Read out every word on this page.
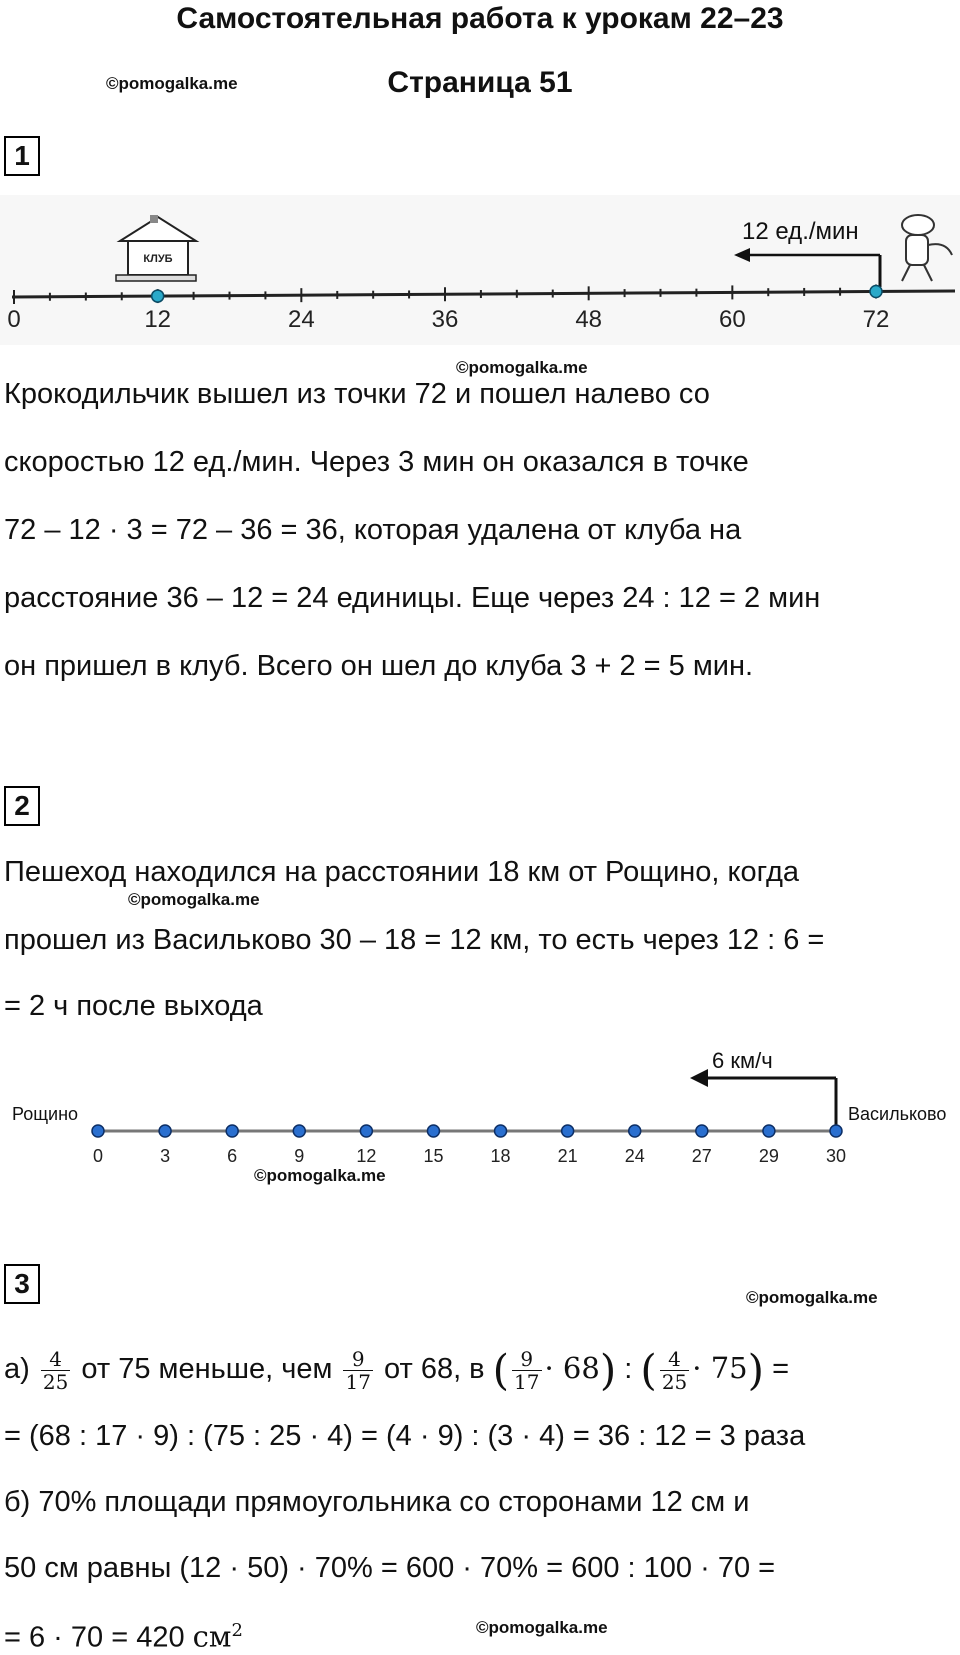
Самостоятельная работа к урокам 22–23
©pomogalka.me	Страница 51
1
КЛУБ
12 ед./мин
0	12	24	36	48	60	72
©pomogalka.me
Крокодильчик вышел из точки 72 и пошел налево со
скоростью 12 ед./мин. Через 3 мин он оказался в точке
72 – 12 · 3 = 72 – 36 = 36, которая удалена от клуба на
расстояние 36 – 12 = 24 единицы. Еще через 24 : 12 = 2 мин
он пришел в клуб. Всего он шел до клуба 3 + 2 = 5 мин.
2
Пешеход находился на расстоянии 18 км от Рощино, когда
©pomogalka.me
прошел из Васильково 30 – 18 = 12 км, то есть через 12 : 6 =
= 2 ч после выхода
Рощино	Васильково
6 км/ч
0	3	6	9	12	15	18	21	24	27	29	30
©pomogalka.me
3	©pomogalka.me
$а) \frac{4}{25}$ от 75 меньше, чем $\frac{9}{17}$ от 68, в ( $\frac{9}{17} \cdot 68$) : ( $\frac{4}{25} \cdot 75$) =
= (68 : 17 · 9) : (75 : 25 · 4) = (4 · 9) : (3 · 4) = 36 : 12 = 3 раза
б) 70% площади прямоугольника со сторонами 12 см и
50 см равны (12 · 50) · 70% = 600 · 70% = 600 : 100 · 70 =
= 6 · 70 = 420 $см^2$	©pomogalka.me
